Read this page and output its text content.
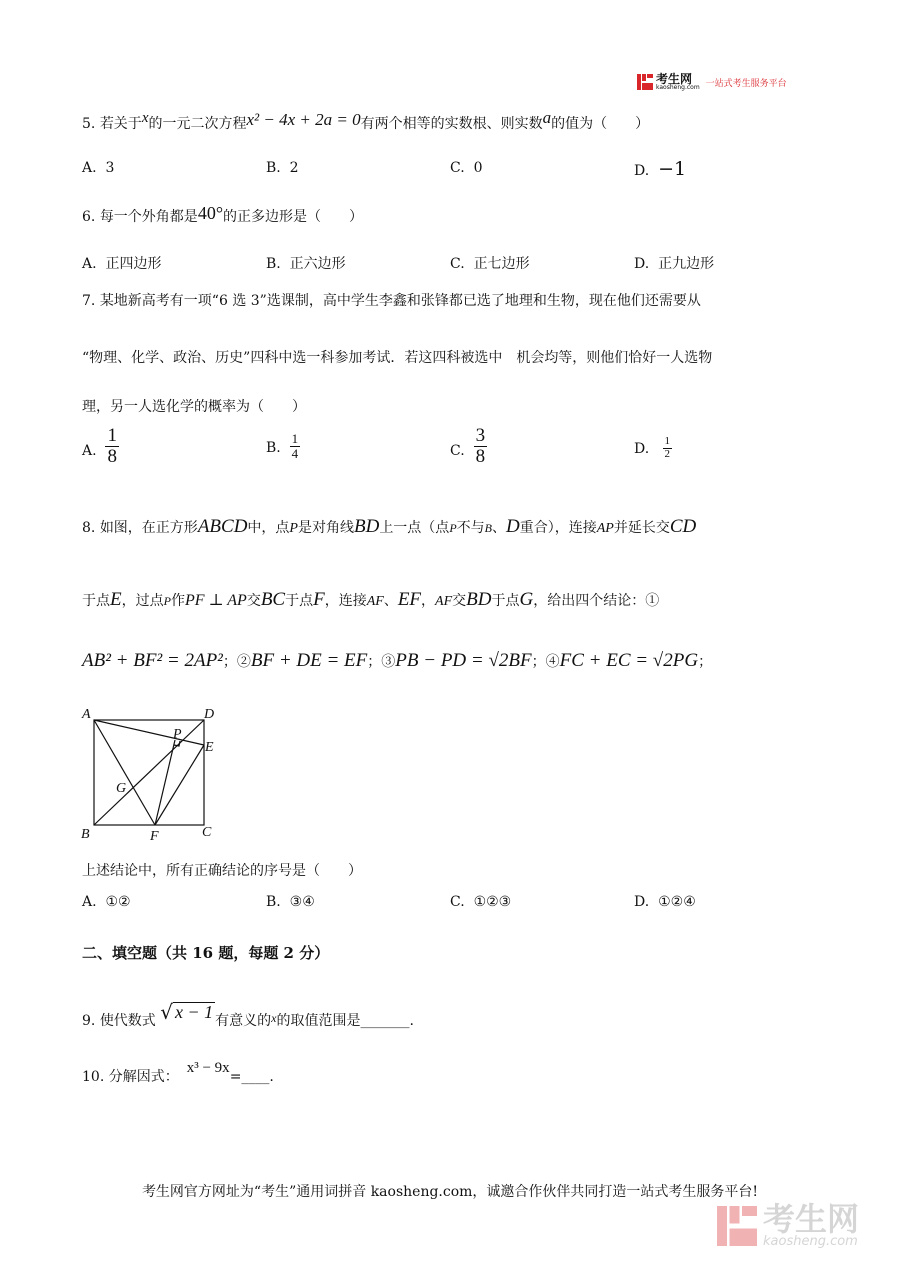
考生网
kaosheng.com 一站式考生服务平台
5. 若关于x的一元二次方程x² − 4x + 2a = 0有两个相等的实数根、则实数a的值为（　　）
A. 3	B. 2	C. 0	D. −1
6. 每一个外角都是40°的正多边形是（　　）
A. 正四边形	B. 正六边形	C. 正七边形	D. 正九边形
7. 某地新高考有一项“6 选 3”选课制，高中学生李鑫和张锋都已选了地理和生物，现在他们还需要从
“物理、化学、政治、历史”四科中选一科参加考试．若这四科被选中　机会均等，则他们恰好一人选物
理，另一人选化学的概率为（　　）
A.
$\frac{1}{8}$	B.
$\frac{1}{4}$	C.
$\frac{3}{8}$	D.
$\frac{1}{2}$
8. 如图，在正方形ABCD中，点P是对角线BD上一点（点P不与B、D重合），连接AP并延长交CD
于点E，过点P作PF ⊥ AP交BC于点F，连接AF、EF，AF交BD于点G，给出四个结论：①
AB² + BF² = 2AP²；②BF + DE = EF；③PB − PD = √2BF；④FC + EC = √2PG；
A	D
P
E
G
B	F	C
上述结论中，所有正确结论的序号是（　　）
A. ①②	B. ③④	C. ①②③	D. ①②④
二、填空题（共 16 题，每题 2 分）
9. 使代数式 √ x − 1 有意义的x的取值范围是_______.
10. 分解因式：x³ − 9x=____.
考生网官方网址为“考生”通用词拼音 kaosheng.com，诚邀合作伙伴共同打造一站式考生服务平台!
考生网
kaosheng.com
